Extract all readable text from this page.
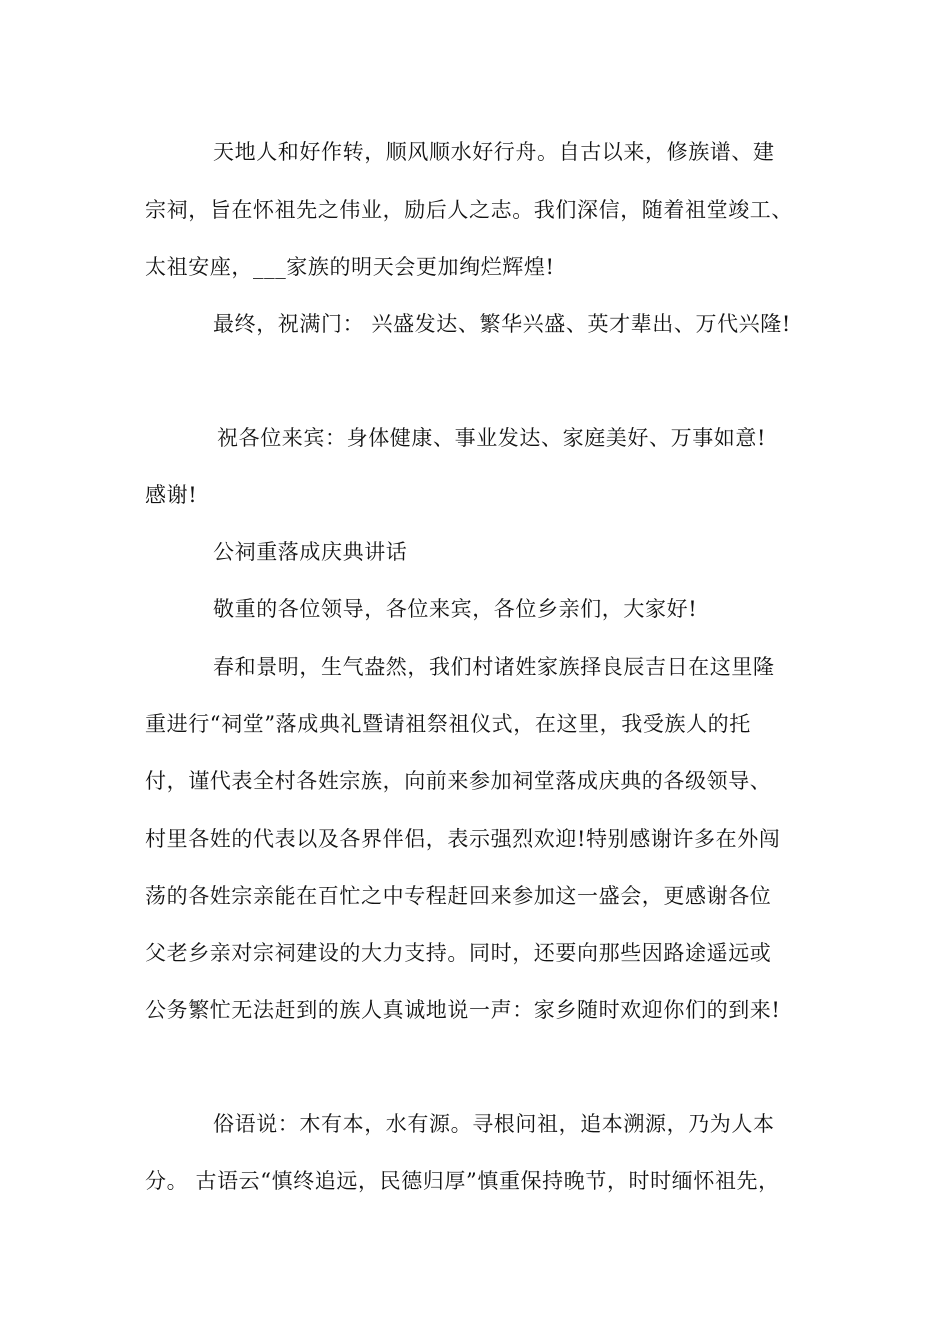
天地人和好作转，顺风顺水好行舟。自古以来，修族谱、建
宗祠，旨在怀祖先之伟业，励后人之志。我们深信，随着祖堂竣工、
太祖安座，___家族的明天会更加绚烂辉煌!
最终，祝满门： 兴盛发达、繁华兴盛、英才辈出、万代兴隆!
祝各位来宾：身体健康、事业发达、家庭美好、万事如意!
感谢!
公祠重落成庆典讲话
敬重的各位领导，各位来宾，各位乡亲们，大家好!
春和景明，生气盎然，我们村诸姓家族择良辰吉日在这里隆
重进行“祠堂”落成典礼暨请祖祭祖仪式，在这里，我受族人的托
付，谨代表全村各姓宗族，向前来参加祠堂落成庆典的各级领导、
村里各姓的代表以及各界伴侣，表示强烈欢迎!特别感谢许多在外闯
荡的各姓宗亲能在百忙之中专程赶回来参加这一盛会，更感谢各位
父老乡亲对宗祠建设的大力支持。同时，还要向那些因路途遥远或
公务繁忙无法赶到的族人真诚地说一声：家乡随时欢迎你们的到来!
俗语说：木有本，水有源。寻根问祖，追本溯源，乃为人本
分。 古语云“慎终追远，民德归厚”慎重保持晚节，时时缅怀祖先，
